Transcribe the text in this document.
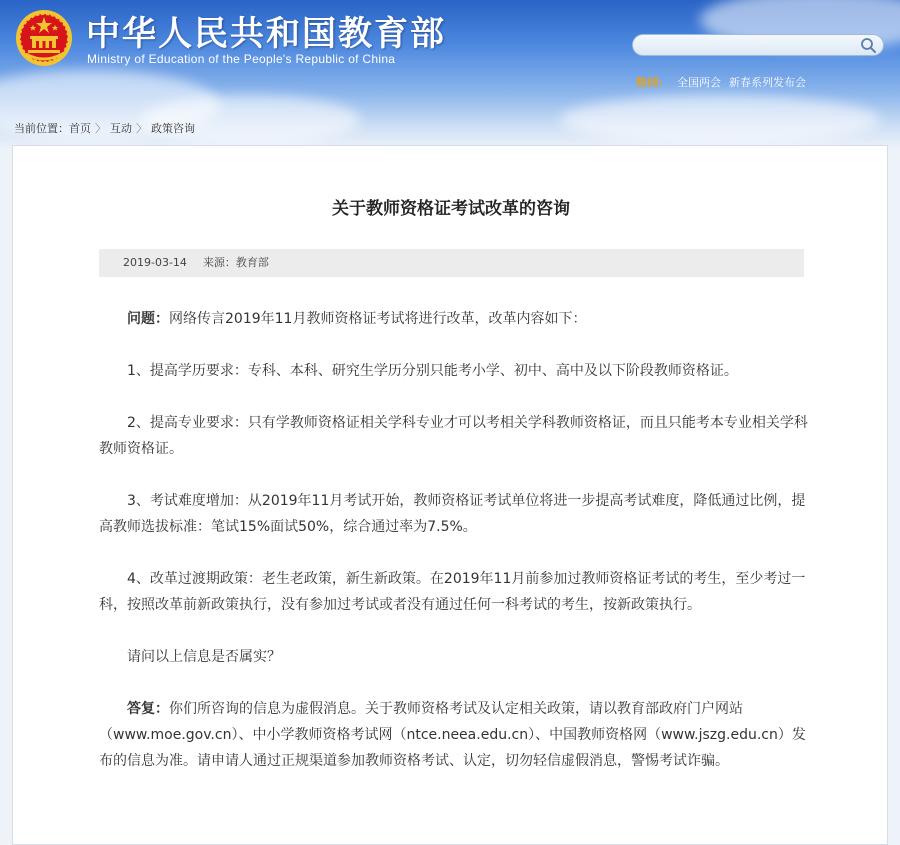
中华人民共和国教育部
Ministry of Education of the People's Republic of China
热词： 全国两会 新春系列发布会
当前位置：首页 〉 互动 〉 政策咨询
关于教师资格证考试改革的咨询
2019-03-14 来源：教育部

问题：网络传言2019年11月教师资格证考试将进行改革，改革内容如下：

1、提高学历要求：专科、本科、研究生学历分别只能考小学、初中、高中及以下阶段教师资格证。

2、提高专业要求：只有学教师资格证相关学科专业才可以考相关学科教师资格证，而且只能考本专业相关学科教师资格证。

3、考试难度增加：从2019年11月考试开始，教师资格证考试单位将进一步提高考试难度，降低通过比例，提高教师选拔标准：笔试15%面试50%，综合通过率为7.5%。

4、改革过渡期政策：老生老政策，新生新政策。在2019年11月前参加过教师资格证考试的考生，至少考过一科，按照改革前新政策执行，没有参加过考试或者没有通过任何一科考试的考生，按新政策执行。

请问以上信息是否属实？

答复：你们所咨询的信息为虚假消息。关于教师资格考试及认定相关政策，请以教育部政府门户网站（www.moe.gov.cn）、中小学教师资格考试网（ntce.neea.edu.cn）、中国教师资格网（www.jszg.edu.cn）发布的信息为准。请申请人通过正规渠道参加教师资格考试、认定，切勿轻信虚假消息，警惕考试诈骗。
